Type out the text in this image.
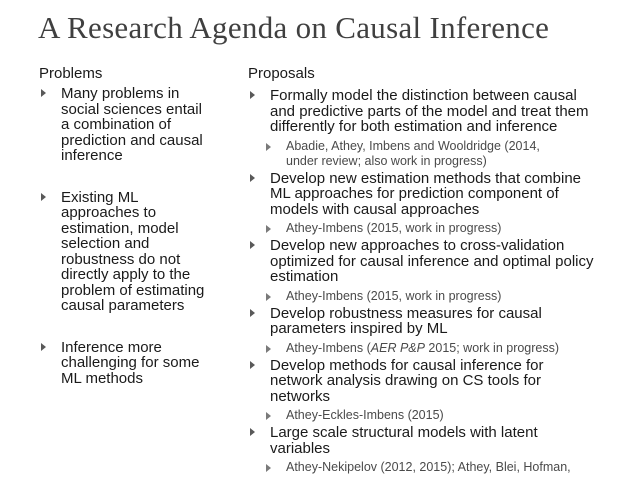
A Research Agenda on Causal Inference
Problems	Proposals
Many problems in
social sciences entail
a combination of
prediction and causal
inference
Existing ML
approaches to
estimation, model
selection and
robustness do not
directly apply to the
problem of estimating
causal parameters
Inference more
challenging for some
ML methods
Formally model the distinction between causal
and predictive parts of the model and treat them
differently for both estimation and inference
Abadie, Athey, Imbens and Wooldridge (2014,
under review; also work in progress)
Develop new estimation methods that combine
ML approaches for prediction component of
models with causal approaches
Athey-Imbens (2015, work in progress)
Develop new approaches to cross-validation
optimized for causal inference and optimal policy
estimation
Athey-Imbens (2015, work in progress)
Develop robustness measures for causal
parameters inspired by ML
Athey-Imbens (AER P&P 2015; work in progress)
Develop methods for causal inference for
network analysis drawing on CS tools for
networks
Athey-Eckles-Imbens (2015)
Large scale structural models with latent
variables
Athey-Nekipelov (2012, 2015); Athey, Blei, Hofman,
